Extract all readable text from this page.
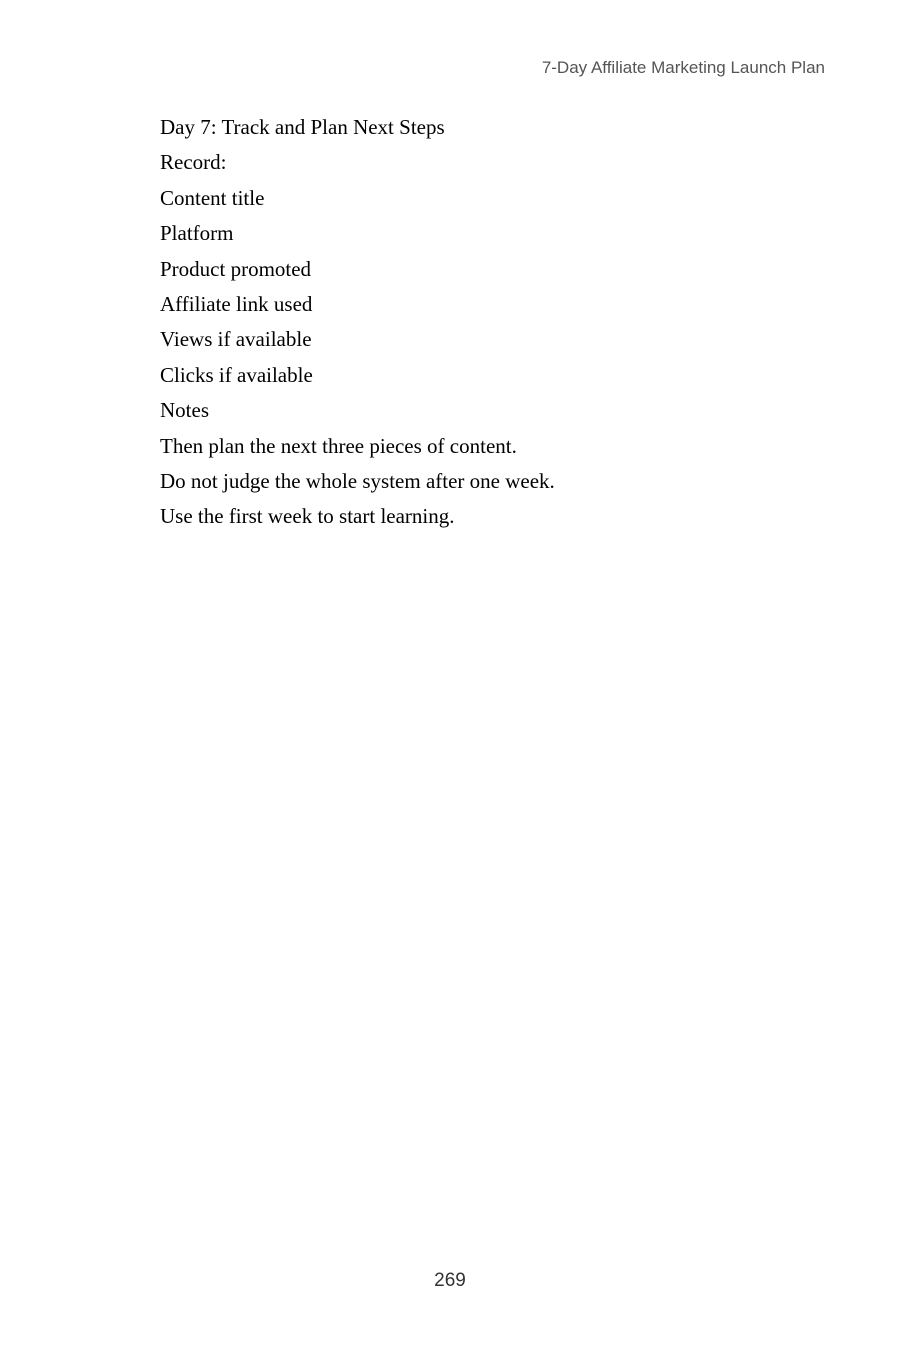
7-Day Affiliate Marketing Launch Plan
Day 7: Track and Plan Next Steps
Record:
Content title
Platform
Product promoted
Affiliate link used
Views if available
Clicks if available
Notes
Then plan the next three pieces of content.
Do not judge the whole system after one week.
Use the first week to start learning.
269
